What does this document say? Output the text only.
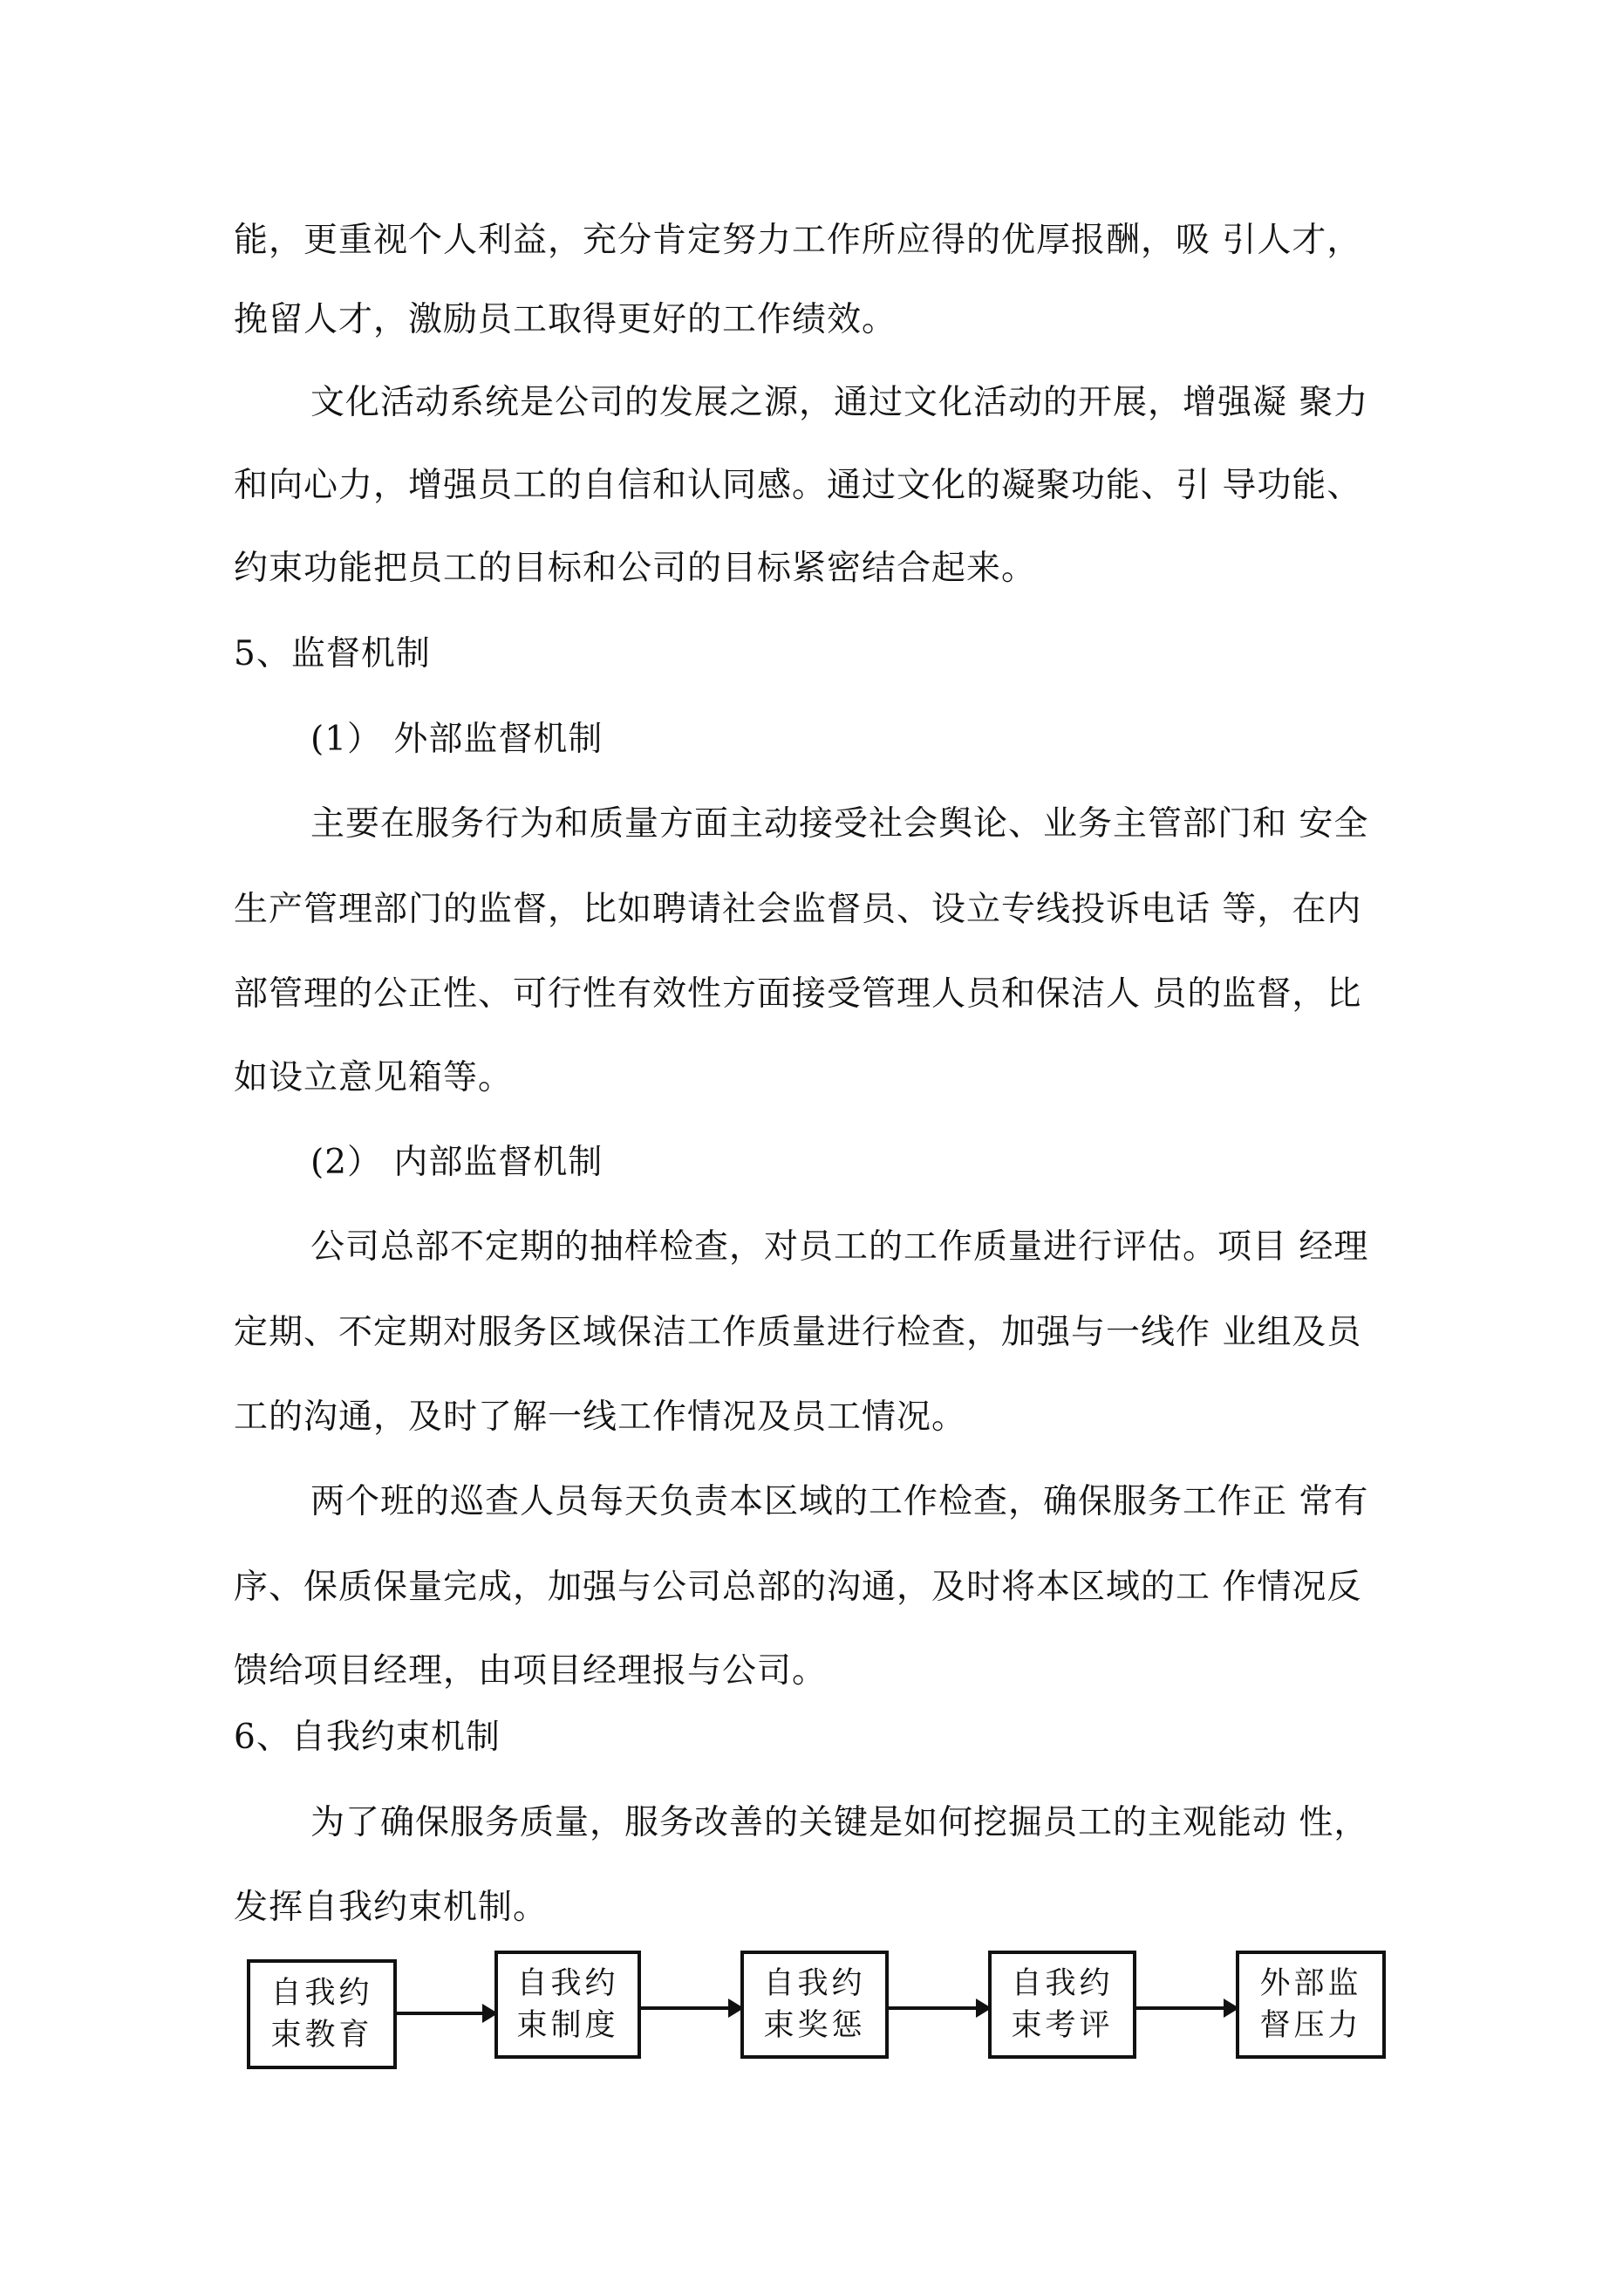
能，更重视个人利益，充分肯定努力工作所应得的优厚报酬，吸 引人才，
挽留人才，激励员工取得更好的工作绩效。
文化活动系统是公司的发展之源，通过文化活动的开展，增强凝 聚力
和向心力，增强员工的自信和认同感。通过文化的凝聚功能、引 导功能、
约束功能把员工的目标和公司的目标紧密结合起来。
5、监督机制
(1） 外部监督机制
主要在服务行为和质量方面主动接受社会舆论、业务主管部门和 安全
生产管理部门的监督，比如聘请社会监督员、设立专线投诉电话 等，在内
部管理的公正性、可行性有效性方面接受管理人员和保洁人 员的监督，比
如设立意见箱等。
(2） 内部监督机制
公司总部不定期的抽样检查，对员工的工作质量进行评估。项目 经理
定期、不定期对服务区域保洁工作质量进行检查，加强与一线作 业组及员
工的沟通，及时了解一线工作情况及员工情况。
两个班的巡查人员每天负责本区域的工作检查，确保服务工作正 常有
序、保质保量完成，加强与公司总部的沟通，及时将本区域的工 作情况反
馈给项目经理，由项目经理报与公司。
6、自我约束机制
为了确保服务质量，服务改善的关键是如何挖掘员工的主观能动 性，
发挥自我约束机制。
自我约
束教育
自我约
束制度
自我约
束奖惩
自我约
束考评
外部监
督压力
